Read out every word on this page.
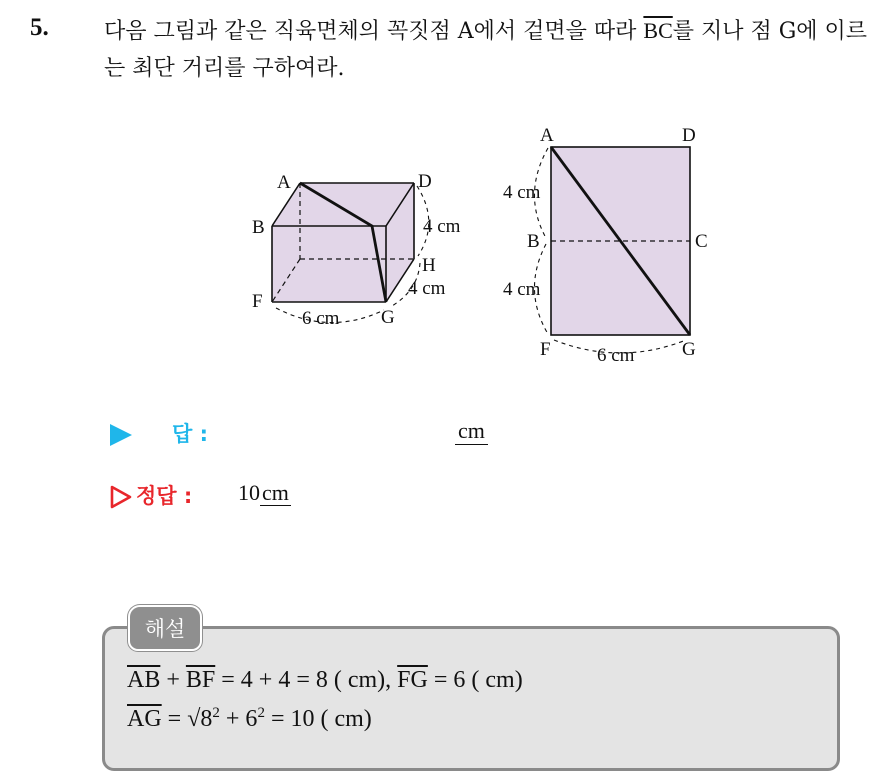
5.	다음 그림과 같은 직육면체의 꼭짓점 A에서 겉면을 따라 $\overline{BC}$를 지나 점 G에 이르는 최단 거리를 구하여라.
A
B
D
H
F
G
4 cm
4 cm
6 cm
A	D
B	C
F	G
4 cm
4 cm
6 cm
답 :	cm
정답 : 10cm
해설
$\overline{AB} + \overline{BF} = 4 + 4 = 8$ ( cm), $\overline{FG} = 6$ ( cm)
$\overline{AG} = √8^2 + 6^2 = 10$ ( cm)
